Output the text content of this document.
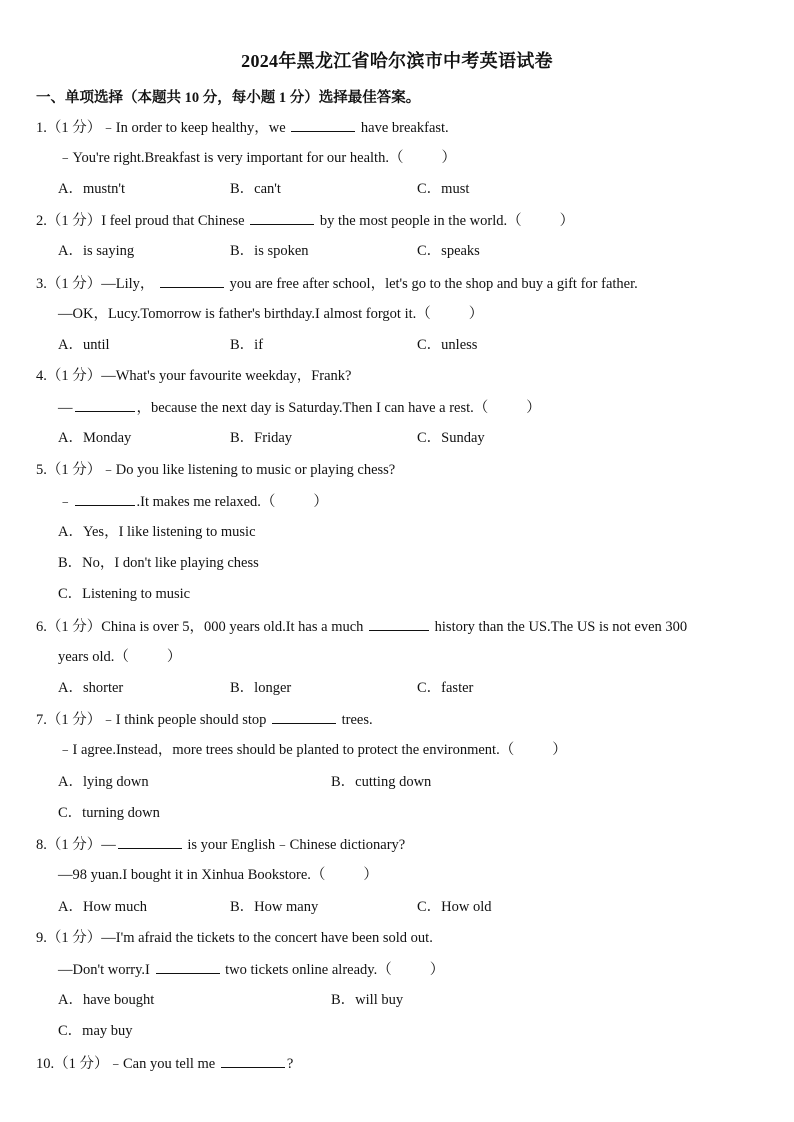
2024年黑龙江省哈尔滨市中考英语试卷
一、单项选择（本题共 10 分，每小题 1 分）选择最佳答案。
1.（1 分）﹣In order to keep healthy，we	have breakfast.
﹣You're right.Breakfast is very important for our health.（	）
A．mustn't	B．can't	C．must
2.（1 分）I feel proud that Chinese	by the most people in the world.（	）
A．is saying	B．is spoken	C．speaks
3.（1 分）—Lily，	you are free after school，let's go to the shop and buy a gift for father.
—OK，Lucy.Tomorrow is father's birthday.I almost forgot it.（	）
A．until	B．if	C．unless
4.（1 分）—What's your favourite weekday，Frank?
—	，because the next day is Saturday.Then I can have a rest.（	）
A．Monday	B．Friday	C．Sunday
5.（1 分）﹣Do you like listening to music or playing chess?
﹣	.It makes me relaxed.（	）
A．Yes，I like listening to music
B．No，I don't like playing chess
C．Listening to music
6.（1 分）China is over 5，000 years old.It has a much	history than the US.The US is not even 300
years old.（	）
A．shorter	B．longer	C．faster
7.（1 分）﹣I think people should stop	trees.
﹣I agree.Instead，more trees should be planted to protect the environment.（	）
A．lying down	B．cutting down
C．turning down
8.（1 分）—	is your English﹣Chinese dictionary?
—98 yuan.I bought it in Xinhua Bookstore.（	）
A．How much	B．How many	C．How old
9.（1 分）—I'm afraid the tickets to the concert have been sold out.
—Don't worry.I	two tickets online already.（	）
A．have bought	B．will buy
C．may buy
10.（1 分）﹣Can you tell me	?
